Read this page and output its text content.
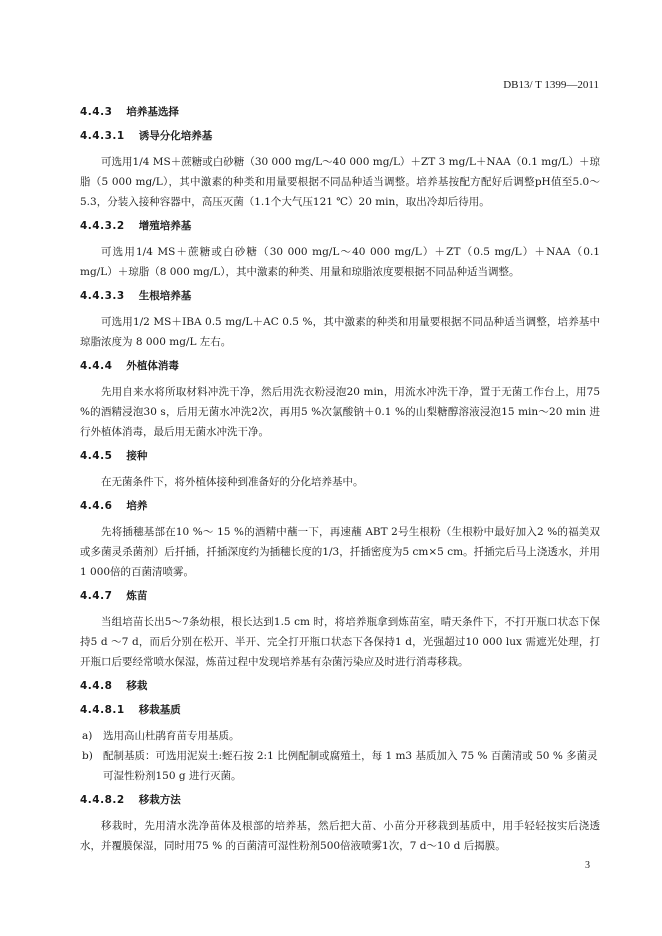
DB13/ T 1399—2011
4.4.3 培养基选择
4.4.3.1 诱导分化培养基
可选用1/4 MS＋蔗糖或白砂糖（30 000 mg/L～40 000 mg/L）＋ZT 3 mg/L＋NAA（0.1 mg/L）＋琼脂（5 000 mg/L），其中激素的种类和用量要根据不同品种适当调整。培养基按配方配好后调整pH值至5.0～5.3，分装入接种容器中，高压灭菌（1.1个大气压121 ℃）20 min，取出冷却后待用。
4.4.3.2 增殖培养基
可选用1/4 MS＋蔗糖或白砂糖（30 000 mg/L～40 000 mg/L）＋ZT（0.5 mg/L）＋NAA（0.1 mg/L）＋琼脂（8 000 mg/L），其中激素的种类、用量和琼脂浓度要根据不同品种适当调整。
4.4.3.3 生根培养基
可选用1/2 MS＋IBA 0.5 mg/L＋AC 0.5 %，其中激素的种类和用量要根据不同品种适当调整，培养基中琼脂浓度为 8 000 mg/L 左右。
4.4.4 外植体消毒
先用自来水将所取材料冲洗干净，然后用洗衣粉浸泡20 min，用流水冲洗干净，置于无菌工作台上，用75 %的酒精浸泡30 s，后用无菌水冲洗2次，再用5 %次氯酸钠＋0.1 %的山梨糖醇溶液浸泡15 min～20 min 进行外植体消毒，最后用无菌水冲洗干净。
4.4.5 接种
在无菌条件下，将外植体接种到准备好的分化培养基中。
4.4.6 培养
先将插穗基部在10 %～ 15 %的酒精中蘸一下，再速蘸 ABT 2号生根粉（生根粉中最好加入2 %的福美双或多菌灵杀菌剂）后扦插，扦插深度约为插穗长度的1/3，扦插密度为5 cm×5 cm。扦插完后马上浇透水，并用1 000倍的百菌清喷雾。
4.4.7 炼苗
当组培苗长出5～7条幼根，根长达到1.5 cm 时，将培养瓶拿到炼苗室，晴天条件下，不打开瓶口状态下保持5 d ～7 d，而后分别在松开、半开、完全打开瓶口状态下各保持1 d，光强超过10 000 lux 需遮光处理，打开瓶口后要经常喷水保湿，炼苗过程中发现培养基有杂菌污染应及时进行消毒移栽。
4.4.8 移栽
4.4.8.1 移栽基质
a)	选用高山杜鹃育苗专用基质。
b) 配制基质：可选用泥炭土:蛭石按 2:1 比例配制或腐殖土，每 1 m3 基质加入 75 % 百菌清或 50 % 多菌灵可湿性粉剂150 g 进行灭菌。
4.4.8.2 移栽方法
移栽时，先用清水洗净苗体及根部的培养基，然后把大苗、小苗分开移栽到基质中，用手轻轻按实后浇透水，并覆膜保湿，同时用75 % 的百菌清可湿性粉剂500倍液喷雾1次，7 d～10 d 后揭膜。
3
